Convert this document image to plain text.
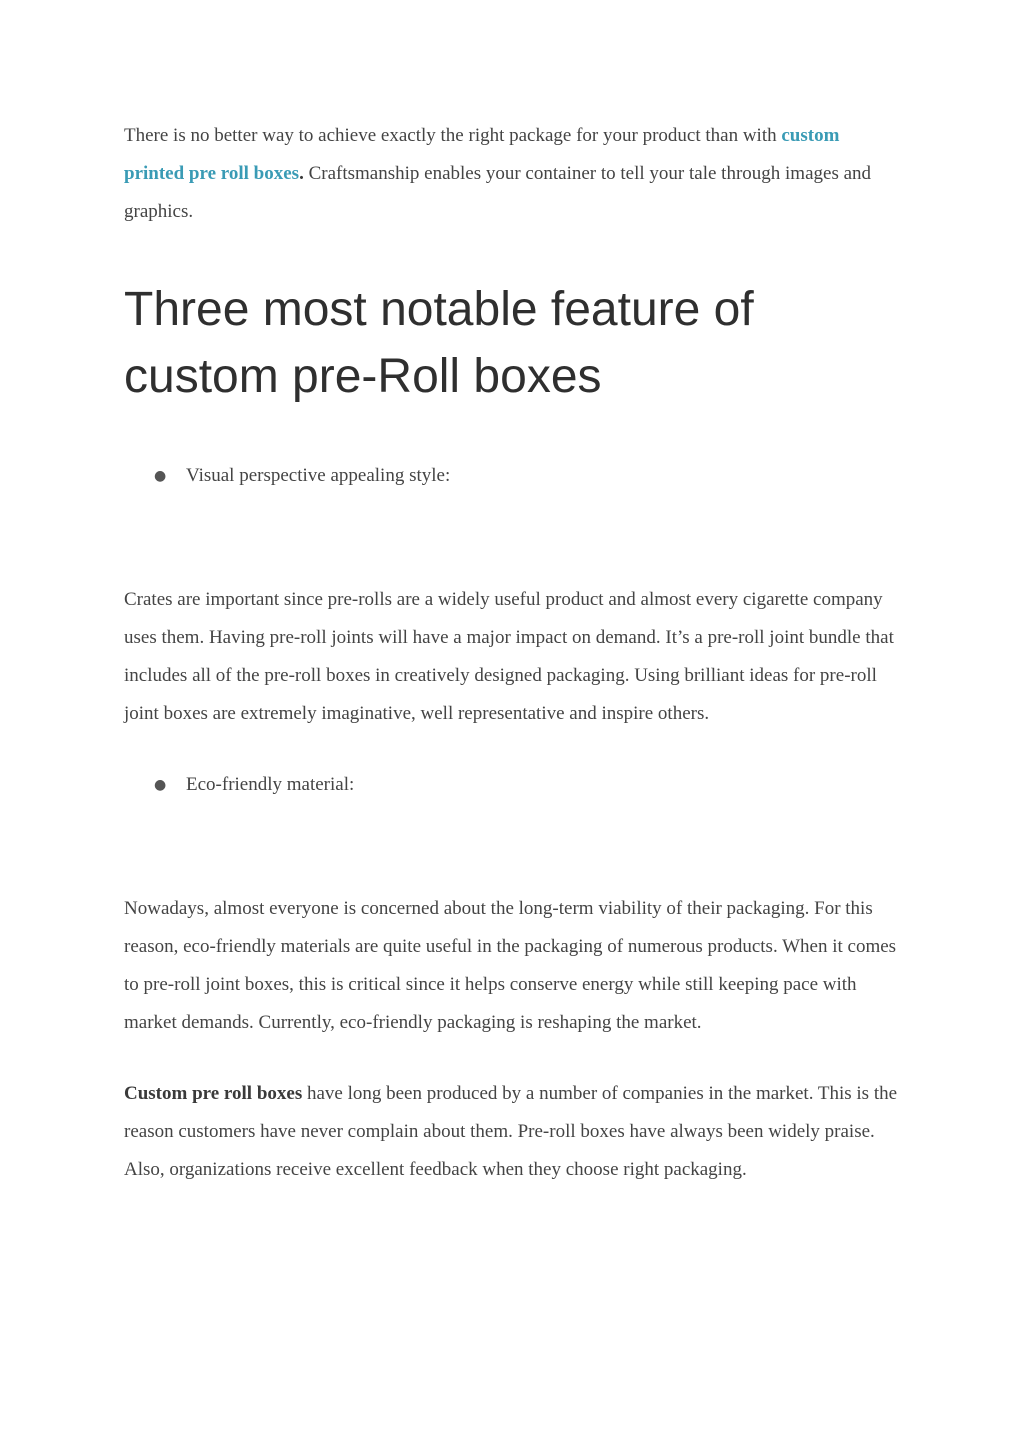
There is no better way to achieve exactly the right package for your product than with custom printed pre roll boxes. Craftsmanship enables your container to tell your tale through images and graphics.

Three most notable feature of custom pre-Roll boxes

● Visual perspective appealing style:

Crates are important since pre-rolls are a widely useful product and almost every cigarette company uses them. Having pre-roll joints will have a major impact on demand. It’s a pre-roll joint bundle that includes all of the pre-roll boxes in creatively designed packaging. Using brilliant ideas for pre-roll joint boxes are extremely imaginative, well representative and inspire others.

● Eco-friendly material:

Nowadays, almost everyone is concerned about the long-term viability of their packaging. For this reason, eco-friendly materials are quite useful in the packaging of numerous products. When it comes to pre-roll joint boxes, this is critical since it helps conserve energy while still keeping pace with market demands. Currently, eco-friendly packaging is reshaping the market.

Custom pre roll boxes have long been produced by a number of companies in the market. This is the reason customers have never complain about them. Pre-roll boxes have always been widely praise. Also, organizations receive excellent feedback when they choose right packaging.
